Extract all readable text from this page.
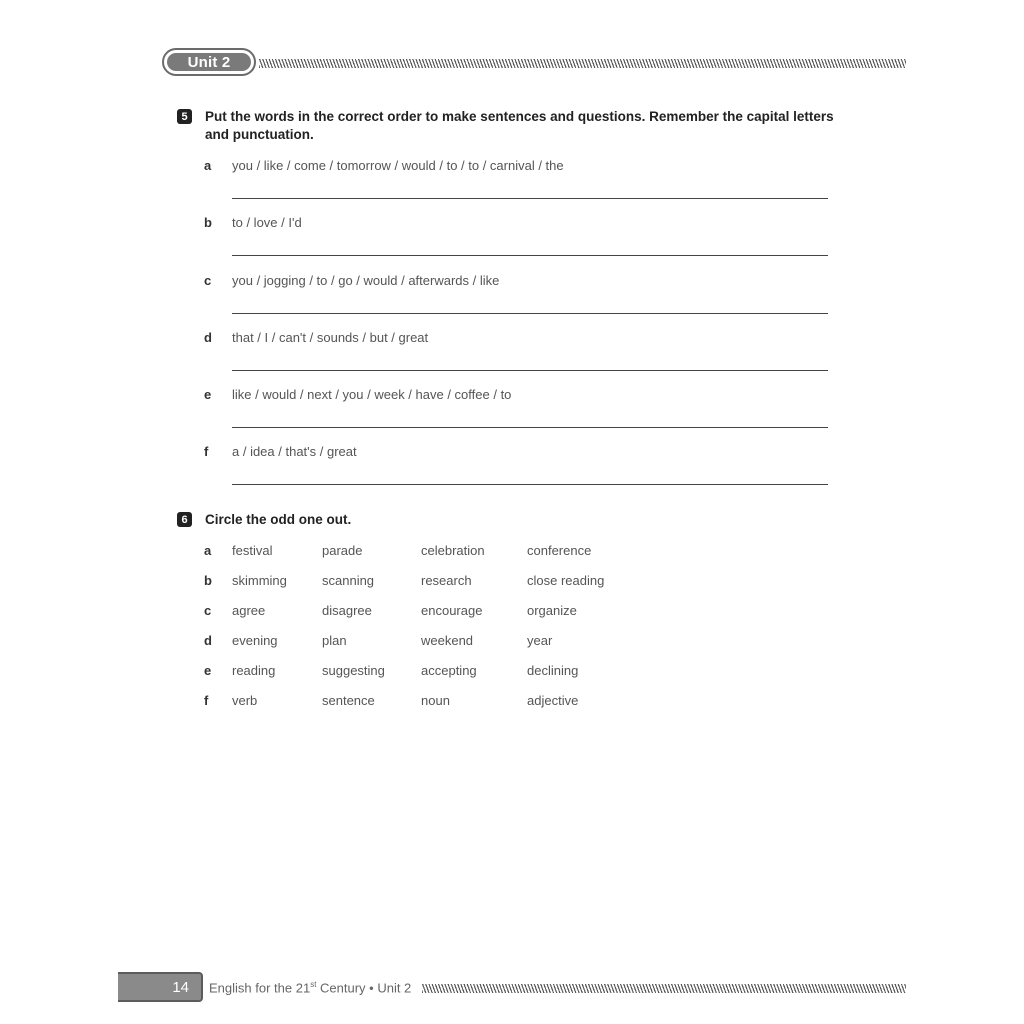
Unit 2
5	Put the words in the correct order to make sentences and questions. Remember the capital letters
and punctuation.
a you / like / come / tomorrow / would / to / to / carnival / the
b to / love / I'd
c you / jogging / to / go / would / afterwards / like
d that / I / can't / sounds / but / great
e like / would / next / you / week / have / coffee / to
f a / idea / that's / great
6	Circle the odd one out.
a festival	parade	celebration	conference
b skimming	scanning	research	close reading
c agree	disagree	encourage	organize
d evening	plan	weekend	year
e reading	suggesting	accepting	declining
f verb	sentence	noun	adjective
14 English for the 21st Century • Unit 2
